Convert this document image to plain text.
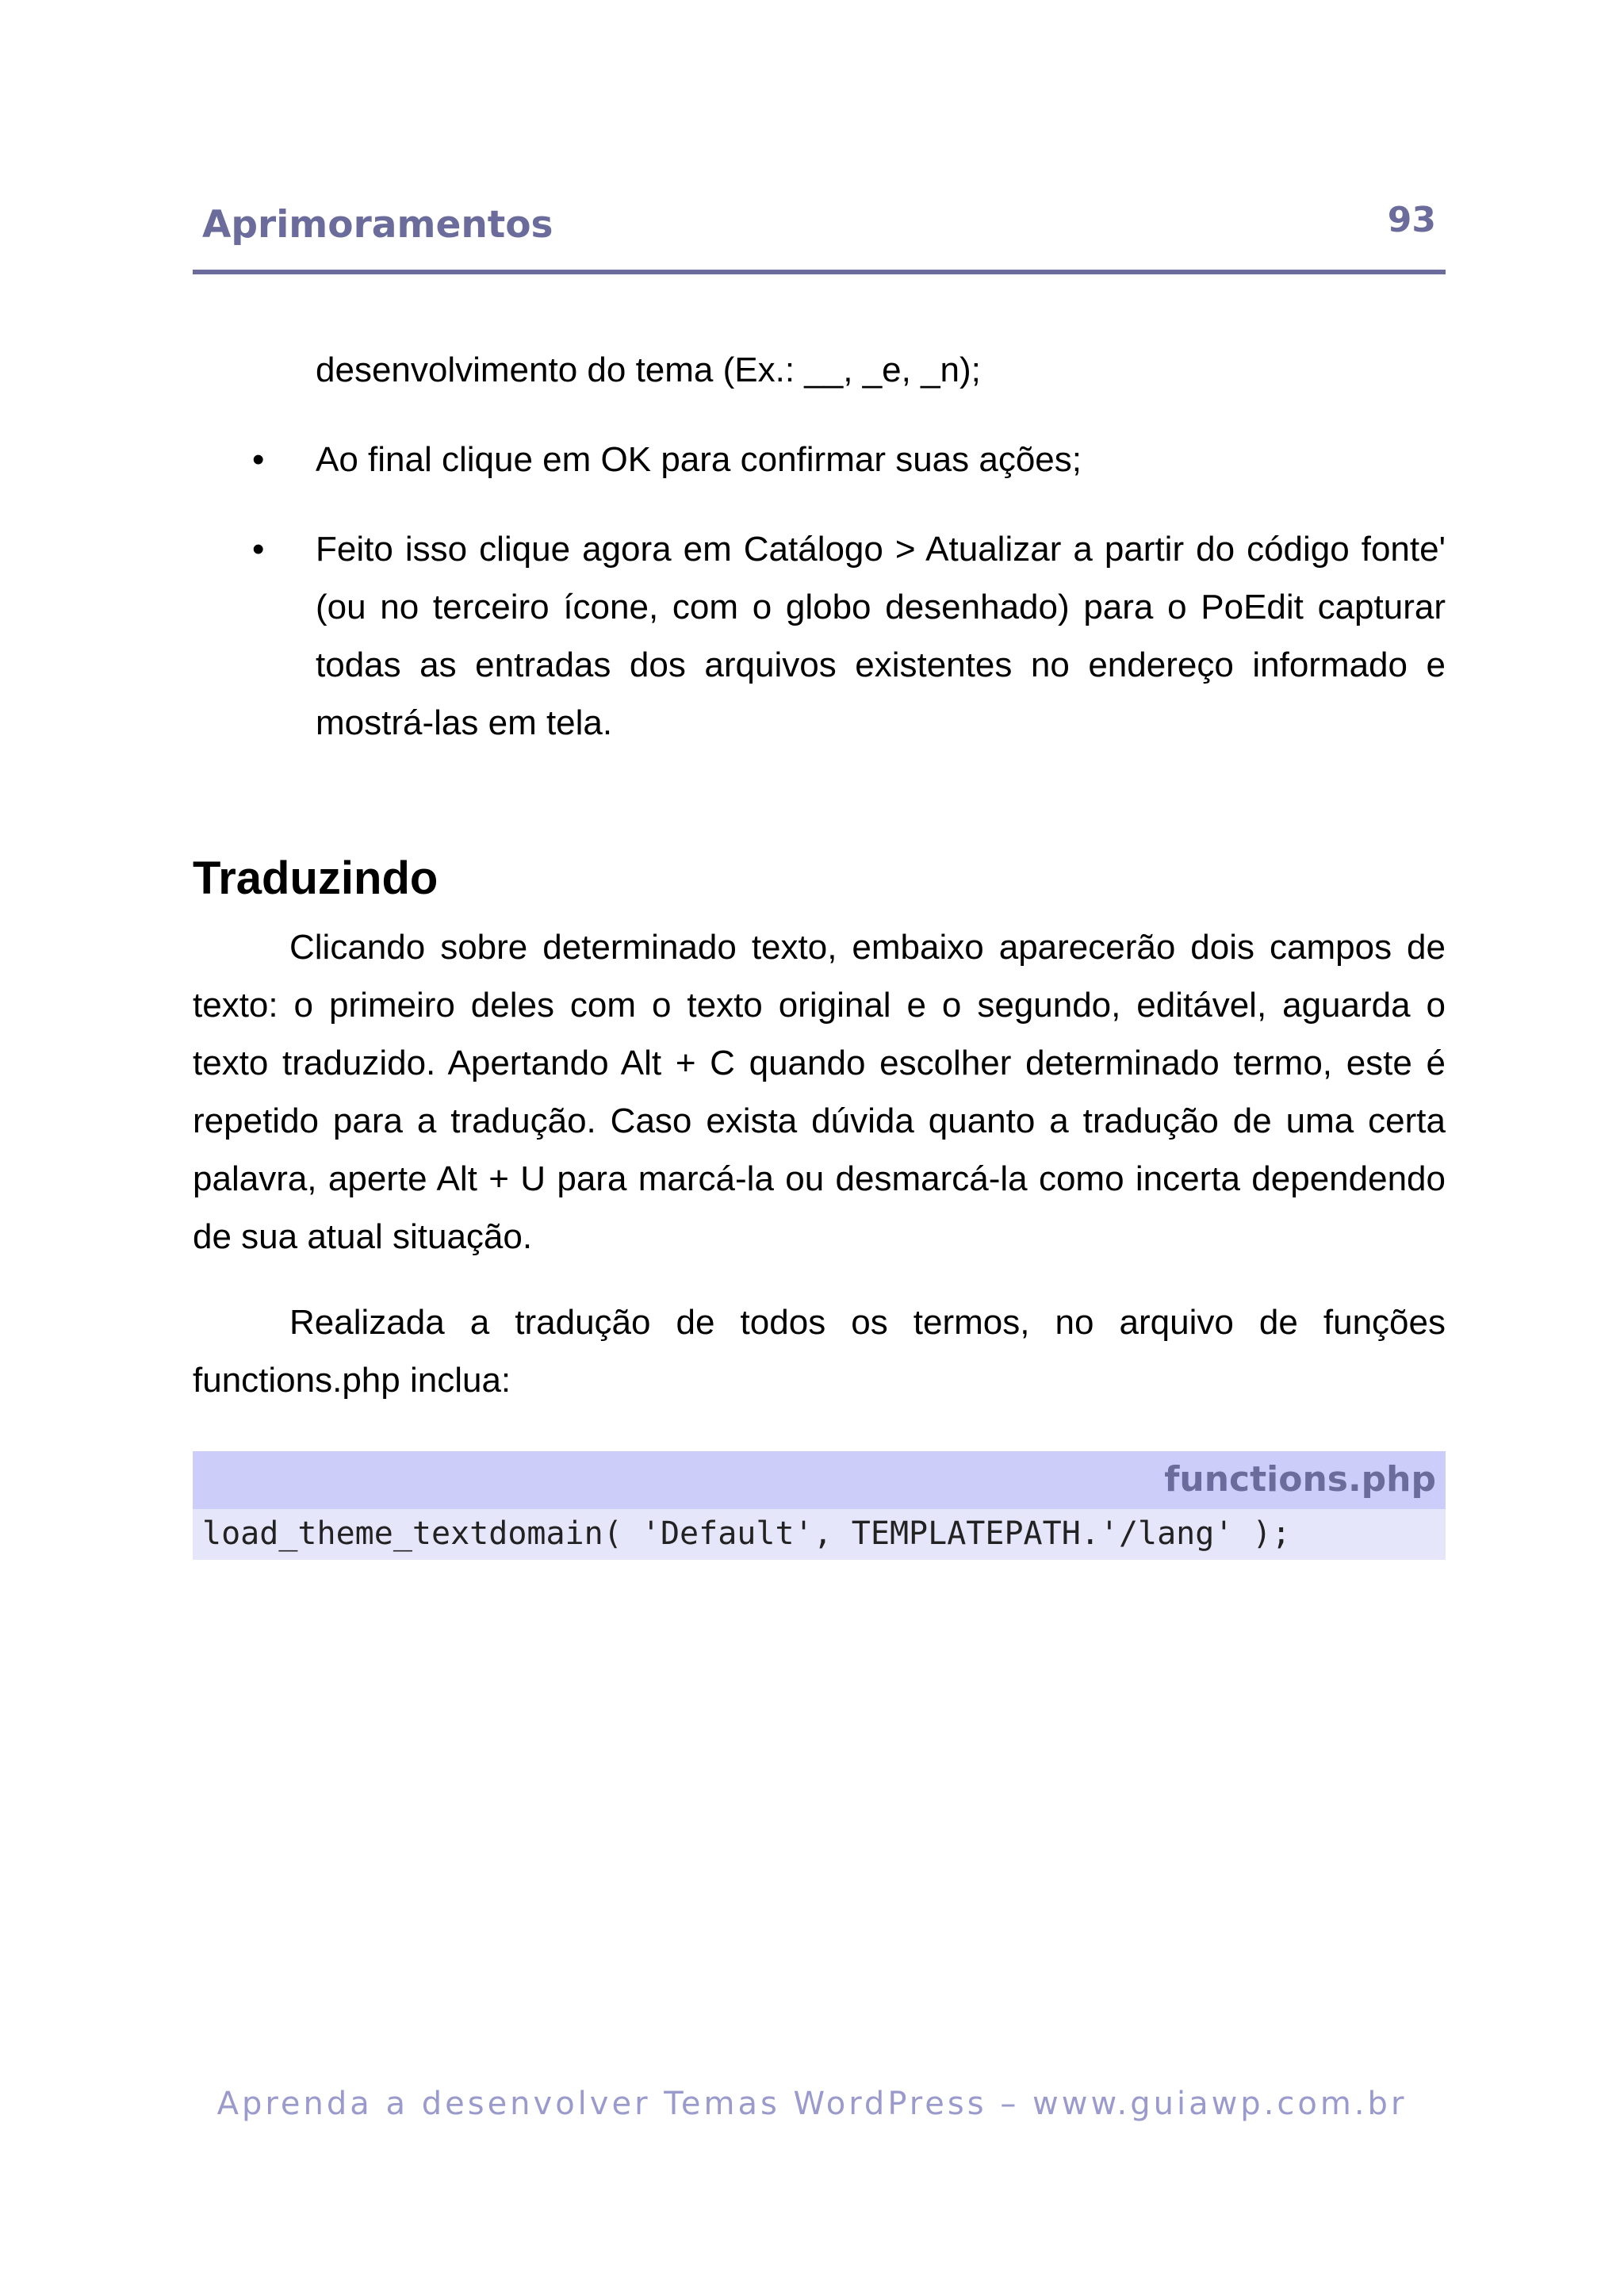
Aprimoramentos	93
desenvolvimento do tema (Ex.: __, _e, _n);
• Ao final clique em OK para confirmar suas ações;
• Feito isso clique agora em Catálogo > Atualizar a partir do código fonte' (ou no terceiro ícone, com o globo desenhado) para o PoEdit capturar todas as entradas dos arquivos existentes no endereço informado e mostrá-las em tela.
Traduzindo

Clicando sobre determinado texto, embaixo aparecerão dois campos de texto: o primeiro deles com o texto original e o segundo, editável, aguarda o texto traduzido. Apertando Alt + C quando escolher determinado termo, este é repetido para a tradução. Caso exista dúvida quanto a tradução de uma certa palavra, aperte Alt + U para marcá-la ou desmarcá-la como incerta dependendo de sua atual situação.

Realizada a tradução de todos os termos, no arquivo de funções functions.php inclua:

functions.php
load_theme_textdomain( 'Default', TEMPLATEPATH.'/lang' );
Aprenda a desenvolver Temas WordPress – www.guiawp.com.br
